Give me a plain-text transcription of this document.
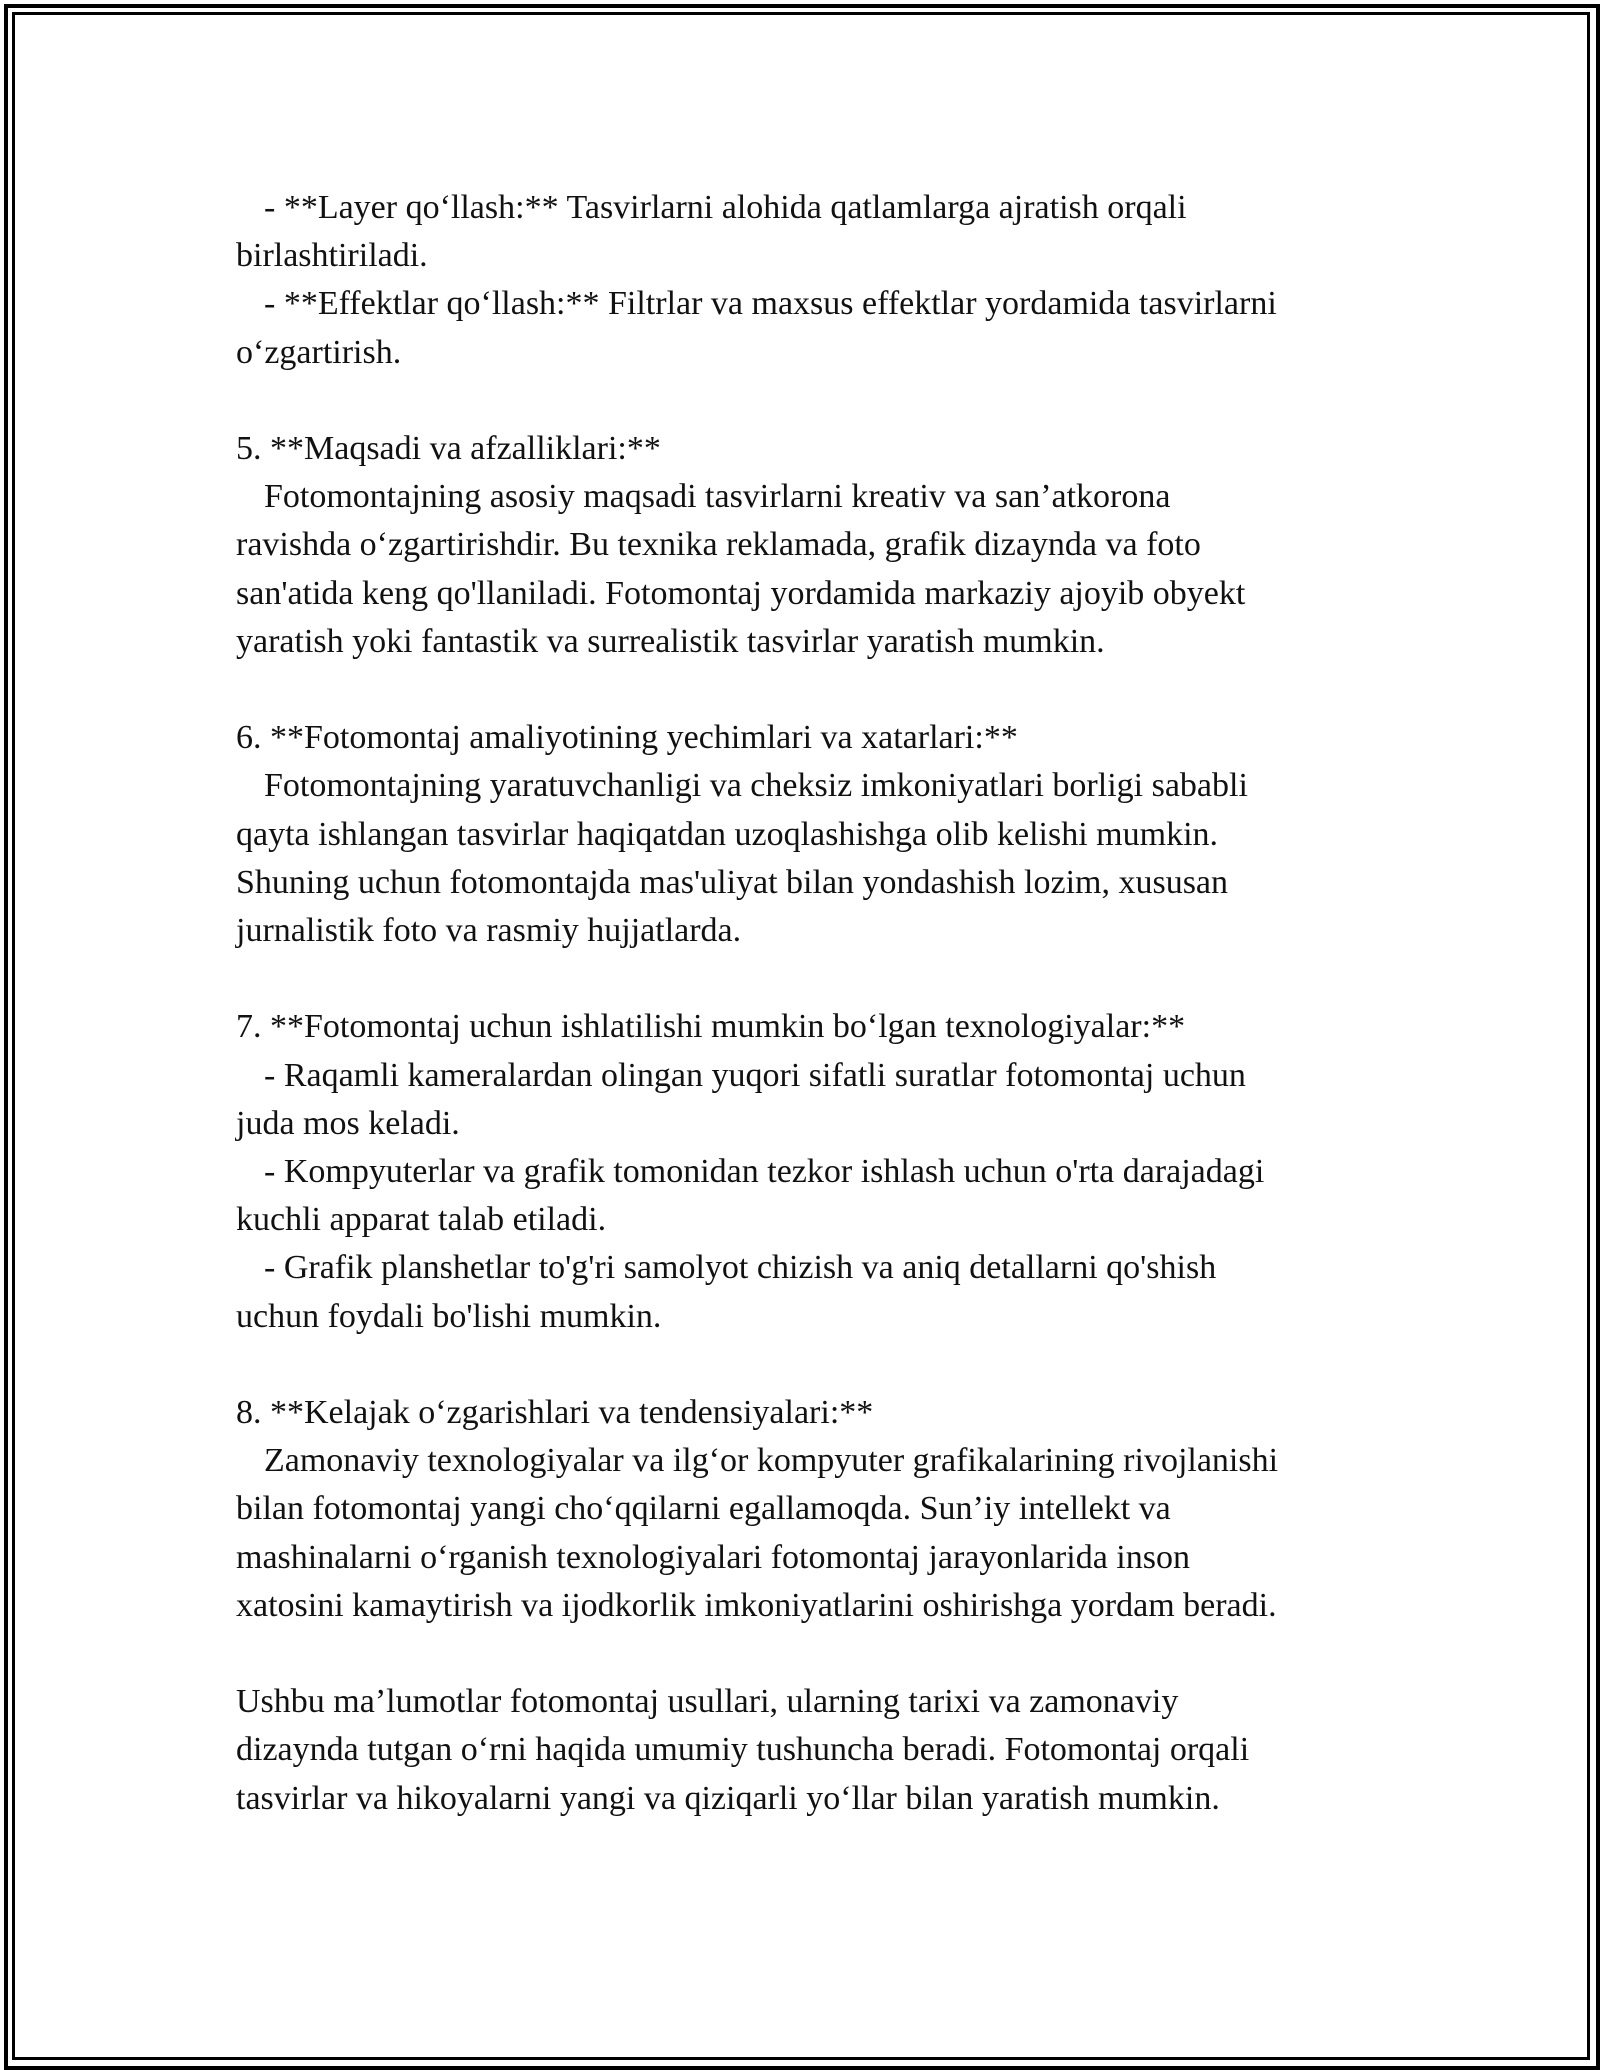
- **Layer qo‘llash:** Tasvirlarni alohida qatlamlarga ajratish orqali
birlashtiriladi.
- **Effektlar qo‘llash:** Filtrlar va maxsus effektlar yordamida tasvirlarni
o‘zgartirish.
5. **Maqsadi va afzalliklari:**
Fotomontajning asosiy maqsadi tasvirlarni kreativ va san’atkorona
ravishda o‘zgartirishdir. Bu texnika reklamada, grafik dizaynda va foto
san'atida keng qo'llaniladi. Fotomontaj yordamida markaziy ajoyib obyekt
yaratish yoki fantastik va surrealistik tasvirlar yaratish mumkin.
6. **Fotomontaj amaliyotining yechimlari va xatarlari:**
Fotomontajning yaratuvchanligi va cheksiz imkoniyatlari borligi sababli
qayta ishlangan tasvirlar haqiqatdan uzoqlashishga olib kelishi mumkin.
Shuning uchun fotomontajda mas'uliyat bilan yondashish lozim, xususan
jurnalistik foto va rasmiy hujjatlarda.
7. **Fotomontaj uchun ishlatilishi mumkin bo‘lgan texnologiyalar:**
- Raqamli kameralardan olingan yuqori sifatli suratlar fotomontaj uchun
juda mos keladi.
- Kompyuterlar va grafik tomonidan tezkor ishlash uchun o'rta darajadagi
kuchli apparat talab etiladi.
- Grafik planshetlar to'g'ri samolyot chizish va aniq detallarni qo'shish
uchun foydali bo'lishi mumkin.
8. **Kelajak o‘zgarishlari va tendensiyalari:**
Zamonaviy texnologiyalar va ilg‘or kompyuter grafikalarining rivojlanishi
bilan fotomontaj yangi cho‘qqilarni egallamoqda. Sun’iy intellekt va
mashinalarni o‘rganish texnologiyalari fotomontaj jarayonlarida inson
xatosini kamaytirish va ijodkorlik imkoniyatlarini oshirishga yordam beradi.
Ushbu ma’lumotlar fotomontaj usullari, ularning tarixi va zamonaviy
dizaynda tutgan o‘rni haqida umumiy tushuncha beradi. Fotomontaj orqali
tasvirlar va hikoyalarni yangi va qiziqarli yo‘llar bilan yaratish mumkin.
